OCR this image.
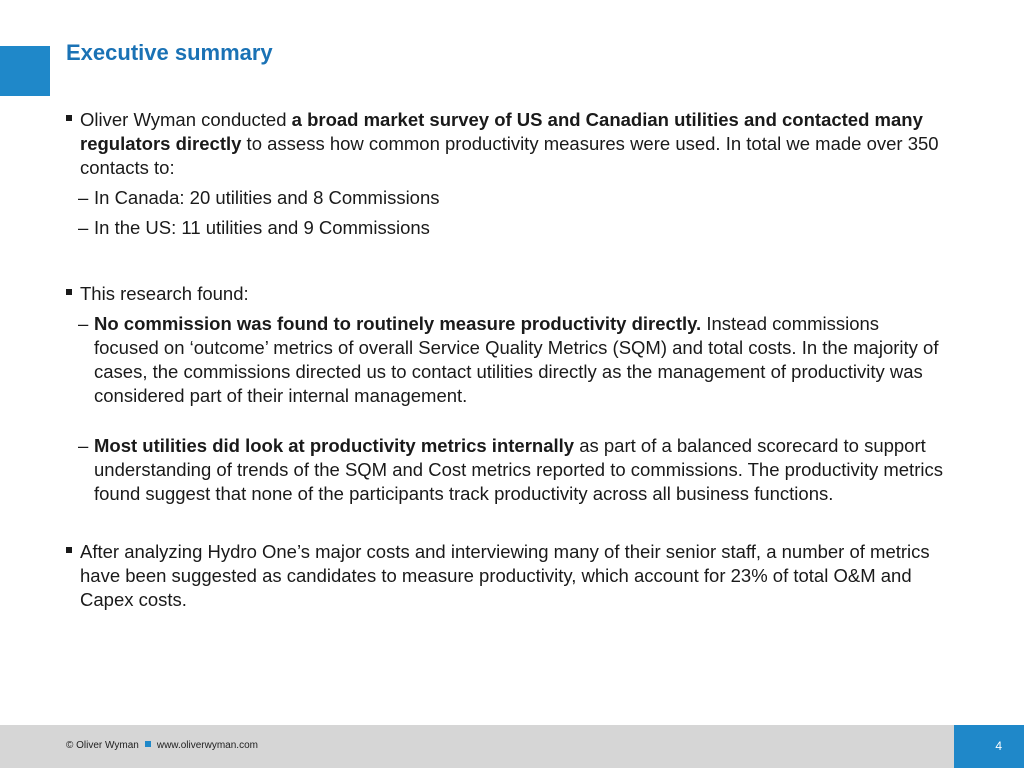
Executive summary

Oliver Wyman conducted a broad market survey of US and Canadian utilities and contacted many regulators directly to assess how common productivity measures were used. In total we made over 350 contacts to:

– In Canada: 20 utilities and 8 Commissions

– In the US: 11 utilities and 9 Commissions

This research found:

– No commission was found to routinely measure productivity directly. Instead commissions focused on ‘outcome’ metrics of overall Service Quality Metrics (SQM) and total costs. In the majority of cases, the commissions directed us to contact utilities directly as the management of productivity was considered part of their internal management.

– Most utilities did look at productivity metrics internally as part of a balanced scorecard to support understanding of trends of the SQM and Cost metrics reported to commissions. The productivity metrics found suggest that none of the participants track productivity across all business functions.

After analyzing Hydro One’s major costs and interviewing many of their senior staff, a number of metrics have been suggested as candidates to measure productivity, which account for 23% of total O&M and Capex costs.

© Oliver Wyman www.oliverwyman.com	4
